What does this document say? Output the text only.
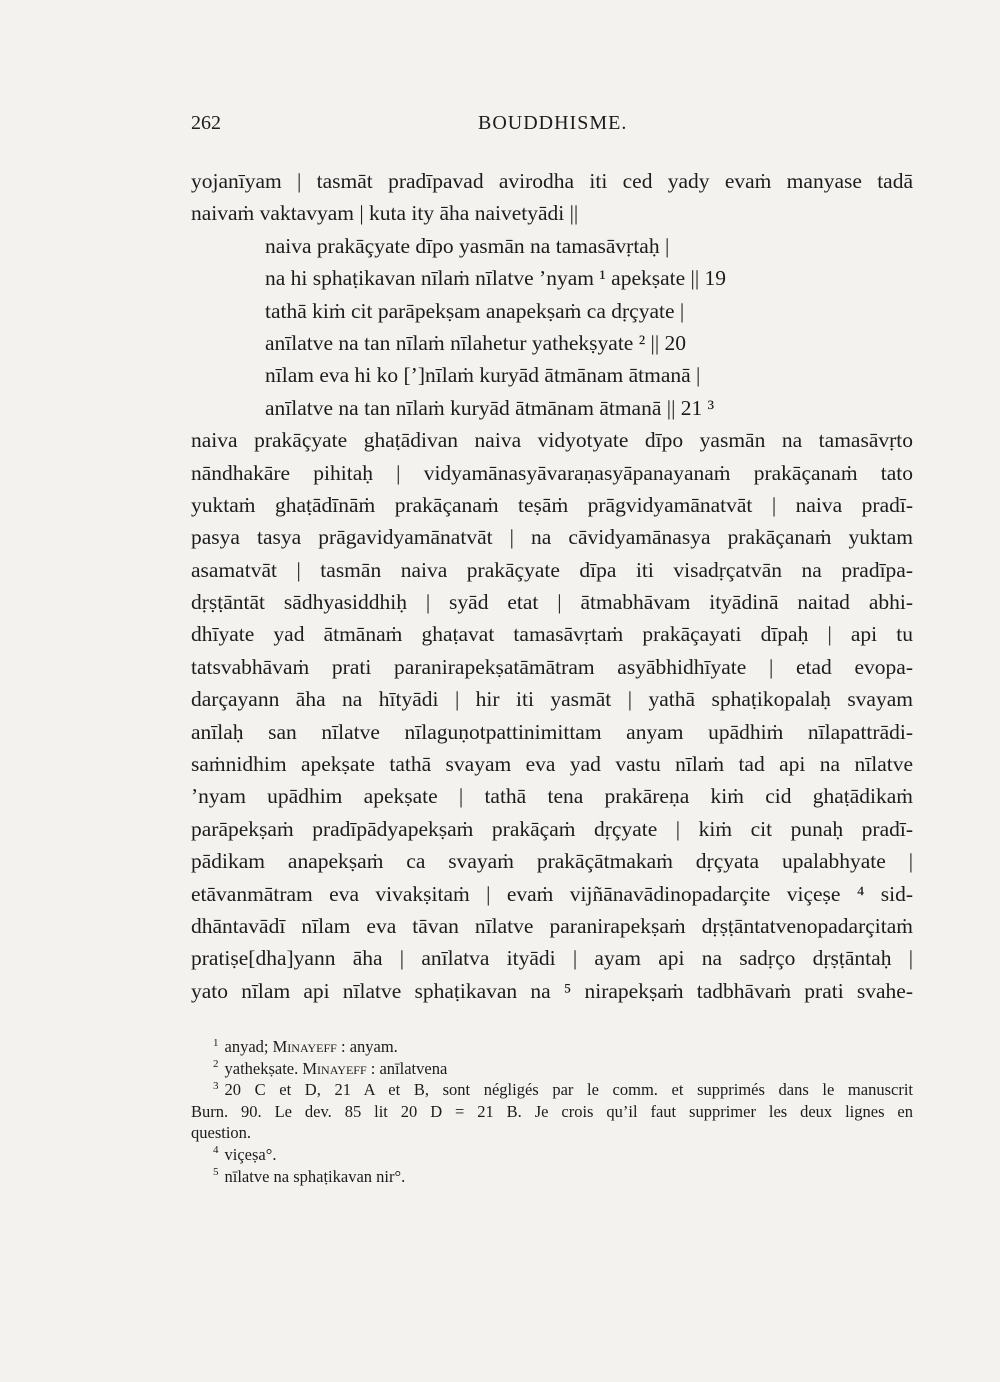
262	BOUDDHISME.
yojanīyam | tasmāt pradīpavad avirodha iti ced yady evaṁ manyase tadā
naivaṁ vaktavyam | kuta ity āha naivetyādi ||
naiva prakāçyate dīpo yasmān na tamasāvṛtaḥ |
na hi sphaṭikavan nīlaṁ nīlatve ’nyam ¹ apekṣate || 19
tathā kiṁ cit parāpekṣam anapekṣaṁ ca dṛçyate |
anīlatve na tan nīlaṁ nīlahetur yathekṣyate ² || 20
nīlam eva hi ko [’]nīlaṁ kuryād ātmānam ātmanā |
anīlatve na tan nīlaṁ kuryād ātmānam ātmanā || 21 ³
naiva prakāçyate ghaṭādivan naiva vidyotyate dīpo yasmān na tamasāvṛto
nāndhakāre pihitaḥ | vidyamānasyāvaraṇasyāpanayanaṁ prakāçanaṁ tato
yuktaṁ ghaṭādīnāṁ prakāçanaṁ teṣāṁ prāgvidyamānatvāt | naiva pradī-
pasya tasya prāgavidyamānatvāt | na cāvidyamānasya prakāçanaṁ yuktam
asamatvāt | tasmān naiva prakāçyate dīpa iti visadṛçatvān na pradīpa-
dṛṣṭāntāt sādhyasiddhiḥ | syād etat | ātmabhāvam ityādinā naitad abhi-
dhīyate yad ātmānaṁ ghaṭavat tamasāvṛtaṁ prakāçayati dīpaḥ | api tu
tatsvabhāvaṁ prati paranirapekṣatāmātram asyābhidhīyate | etad evopa-
darçayann āha na hītyādi | hir iti yasmāt | yathā sphaṭikopalaḥ svayam
anīlaḥ san nīlatve nīlaguṇotpattinimittam anyam upādhiṁ nīlapattrādi-
saṁnidhim apekṣate tathā svayam eva yad vastu nīlaṁ tad api na nīlatve
’nyam upādhim apekṣate | tathā tena prakāreṇa kiṁ cid ghaṭādikaṁ
parāpekṣaṁ pradīpādyapekṣaṁ prakāçaṁ dṛçyate | kiṁ cit punaḥ pradī-
pādikam anapekṣaṁ ca svayaṁ prakāçātmakaṁ dṛçyata upalabhyate |
etāvanmātram eva vivakṣitaṁ | evaṁ vijñānavādinopadarçite viçeṣe ⁴ sid-
dhāntavādī nīlam eva tāvan nīlatve paranirapekṣaṁ dṛṣṭāntatvenopadarçitaṁ
pratiṣe[dha]yann āha | anīlatva ityādi | ayam api na sadṛço dṛṣṭāntaḥ |
yato nīlam api nīlatve sphaṭikavan na ⁵ nirapekṣaṁ tadbhāvaṁ prati svahe-
$^1$ anyad; Minayeff : anyam.
$^2$ yathekṣate. Minayeff : anīlatvena
$^3$ 20 C et D, 21 A et B, sont négligés par le comm. et supprimés dans le manuscrit
Burn. 90. Le dev. 85 lit 20 D = 21 B. Je crois qu’il faut supprimer les deux lignes en
question.
$^4$ viçeṣa°.
$^5$ nīlatve na sphaṭikavan nir°.
